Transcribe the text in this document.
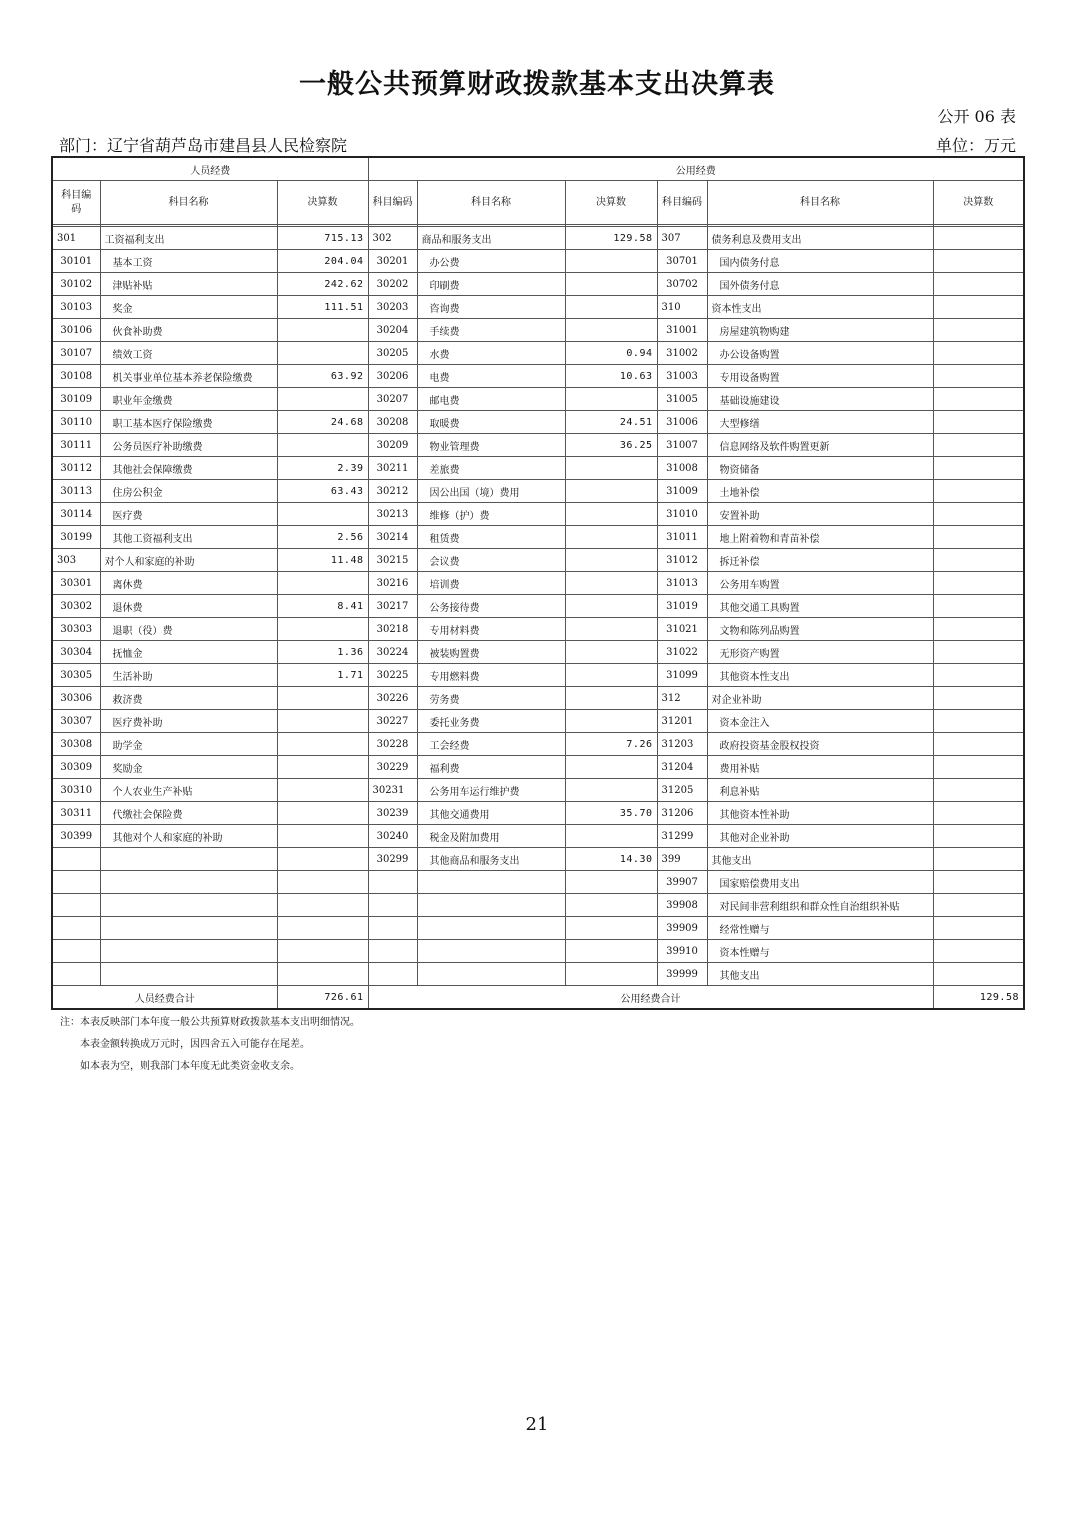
一般公共预算财政拨款基本支出决算表
公开 06 表
部门：辽宁省葫芦岛市建昌县人民检察院	单位：万元
人员经费			公用经费					
科目编码	科目名称	决算数	科目编码	科目名称	决算数	科目编码	科目名称	决算数

301	工资福利支出	715.13	302	商品和服务支出	129.58	307	债务利息及费用支出	
30101	基本工资	204.04	30201	办公费		30701	国内债务付息	
30102	津贴补贴	242.62	30202	印刷费		30702	国外债务付息	
30103	奖金	111.51	30203	咨询费		310	资本性支出	
30106	伙食补助费		30204	手续费		31001	房屋建筑物购建	
30107	绩效工资		30205	水费	0.94	31002	办公设备购置	
30108	机关事业单位基本养老保险缴费	63.92	30206	电费	10.63	31003	专用设备购置	
30109	职业年金缴费		30207	邮电费		31005	基础设施建设	
30110	职工基本医疗保险缴费	24.68	30208	取暖费	24.51	31006	大型修缮	
30111	公务员医疗补助缴费		30209	物业管理费	36.25	31007	信息网络及软件购置更新	
30112	其他社会保障缴费	2.39	30211	差旅费		31008	物资储备	
30113	住房公积金	63.43	30212	因公出国（境）费用		31009	土地补偿	
30114	医疗费		30213	维修（护）费		31010	安置补助	
30199	其他工资福利支出	2.56	30214	租赁费		31011	地上附着物和青苗补偿	
303	对个人和家庭的补助	11.48	30215	会议费		31012	拆迁补偿	
30301	离休费		30216	培训费		31013	公务用车购置	
30302	退休费	8.41	30217	公务接待费		31019	其他交通工具购置	
30303	退职（役）费		30218	专用材料费		31021	文物和陈列品购置	
30304	抚恤金	1.36	30224	被装购置费		31022	无形资产购置	
30305	生活补助	1.71	30225	专用燃料费		31099	其他资本性支出	
30306	救济费		30226	劳务费		312	对企业补助	
30307	医疗费补助		30227	委托业务费		31201	资本金注入	
30308	助学金		30228	工会经费	7.26	31203	政府投资基金股权投资	
30309	奖励金		30229	福利费		31204	费用补贴	
30310	个人农业生产补贴		30231	公务用车运行维护费		31205	利息补贴	
30311	代缴社会保险费		30239	其他交通费用	35.70	31206	其他资本性补助	
30399	其他对个人和家庭的补助		30240	税金及附加费用		31299	其他对企业补助	
			30299	其他商品和服务支出	14.30	399	其他支出	
						39907	国家赔偿费用支出	
						39908	对民间非营利组织和群众性自治组织补贴	
						39909	经常性赠与	
						39910	资本性赠与	
						39999	其他支出	
人员经费合计		726.61	公用经费合计					129.58
注：本表反映部门本年度一般公共预算财政拨款基本支出明细情况。
本表金额转换成万元时，因四舍五入可能存在尾差。
如本表为空，则我部门本年度无此类资金收支余。
21
